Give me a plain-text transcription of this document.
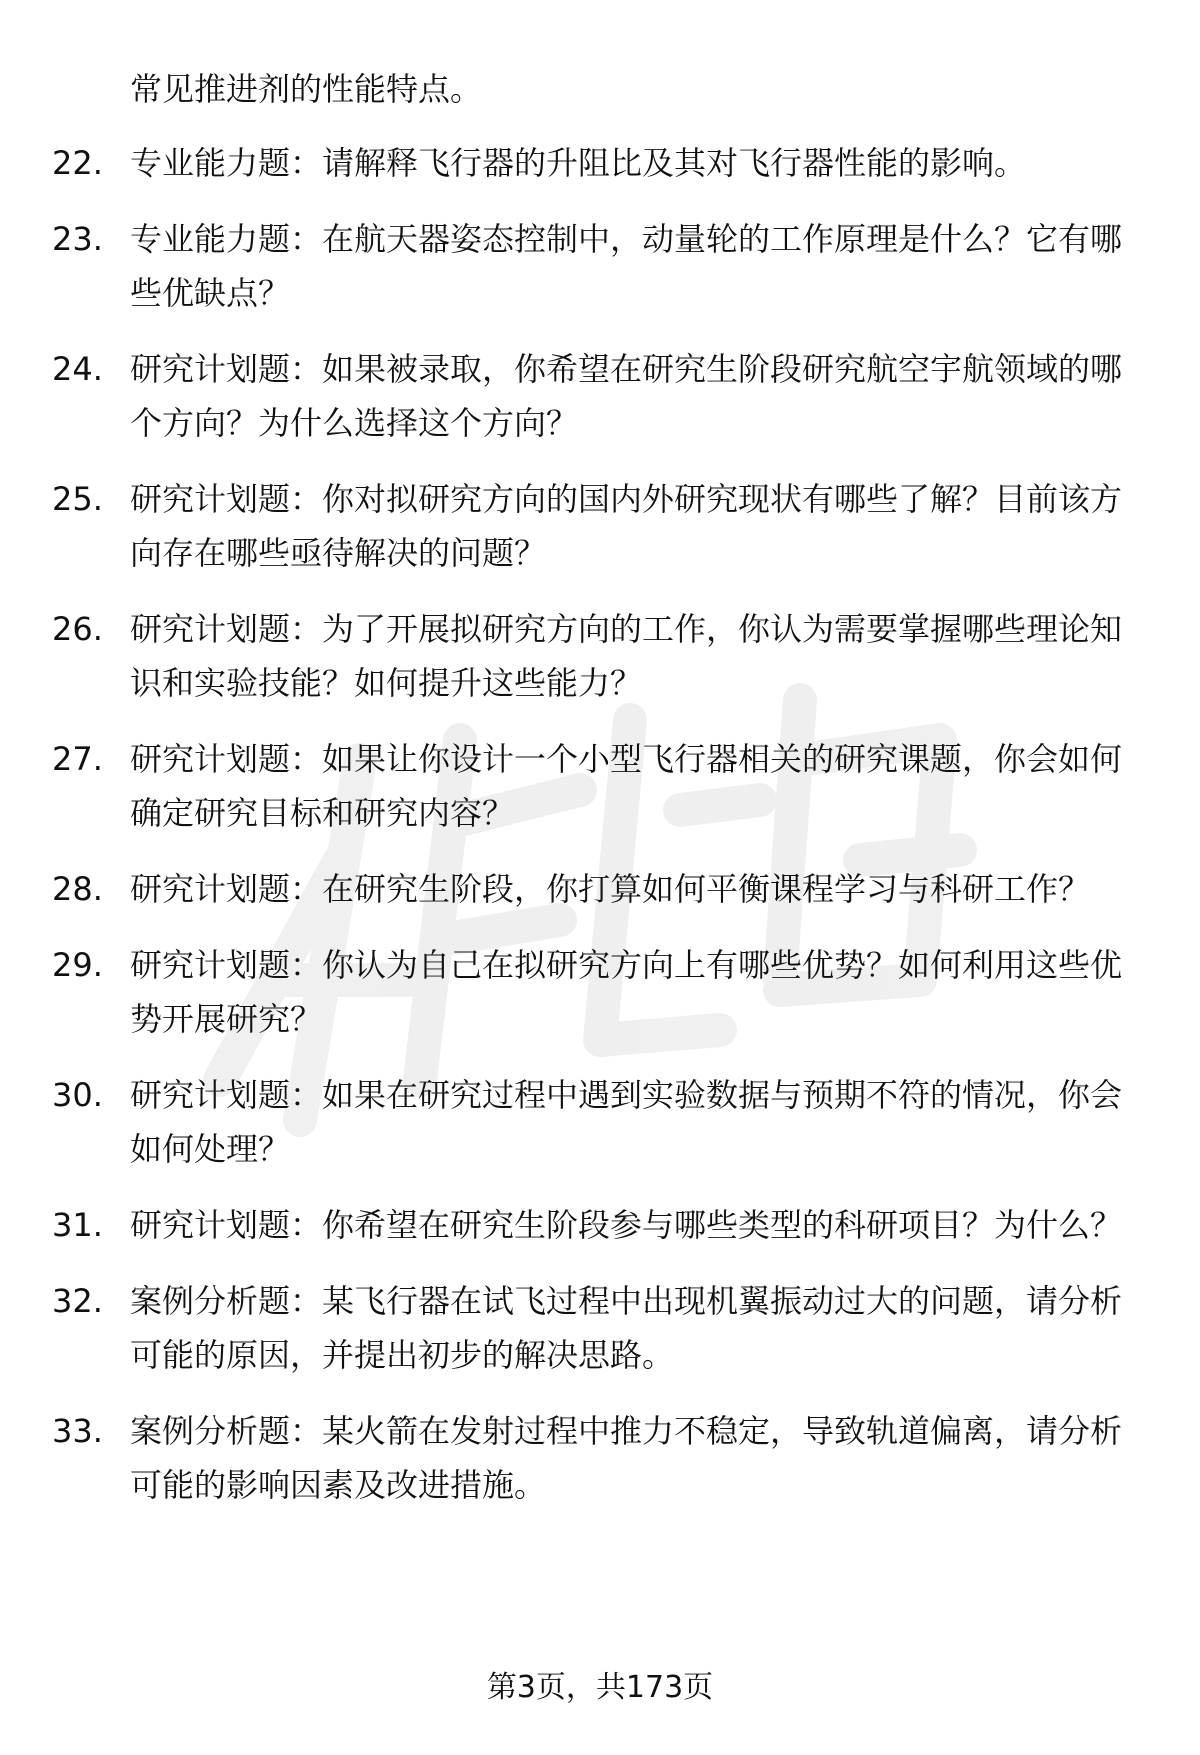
常见推进剂的性能特点。

22. 专业能力题：请解释飞行器的升阻比及其对飞行器性能的影响。
23. 专业能力题：在航天器姿态控制中，动量轮的工作原理是什么？它有哪些优缺点？
24. 研究计划题：如果被录取，你希望在研究生阶段研究航空宇航领域的哪个方向？为什么选择这个方向？
25. 研究计划题：你对拟研究方向的国内外研究现状有哪些了解？目前该方向存在哪些亟待解决的问题？
26. 研究计划题：为了开展拟研究方向的工作，你认为需要掌握哪些理论知识和实验技能？如何提升这些能力？
27. 研究计划题：如果让你设计一个小型飞行器相关的研究课题，你会如何确定研究目标和研究内容？
28. 研究计划题：在研究生阶段，你打算如何平衡课程学习与科研工作？
29. 研究计划题：你认为自己在拟研究方向上有哪些优势？如何利用这些优势开展研究？
30. 研究计划题：如果在研究过程中遇到实验数据与预期不符的情况，你会如何处理？
31. 研究计划题：你希望在研究生阶段参与哪些类型的科研项目？为什么？
32. 案例分析题：某飞行器在试飞过程中出现机翼振动过大的问题，请分析可能的原因，并提出初步的解决思路。
33. 案例分析题：某火箭在发射过程中推力不稳定，导致轨道偏离，请分析可能的影响因素及改进措施。
第3页，共173页
